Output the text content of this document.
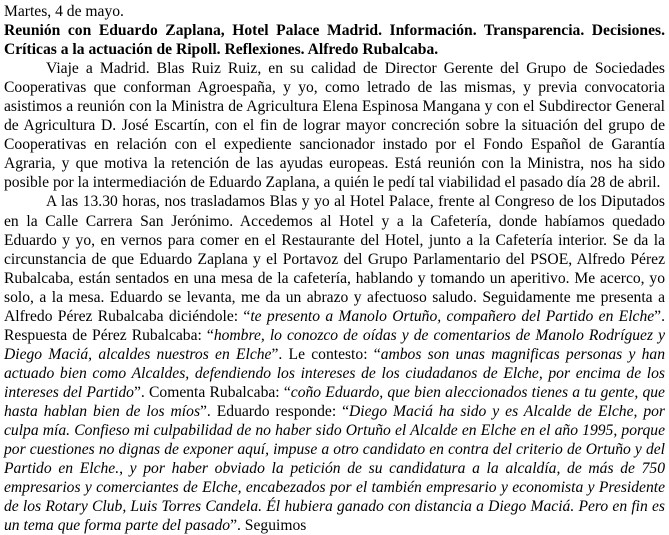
Martes, 4 de mayo.

Reunión con Eduardo Zaplana, Hotel Palace Madrid. Información. Transparencia. Decisiones. Críticas a la actuación de Ripoll. Reflexiones. Alfredo Rubalcaba.

Viaje a Madrid. Blas Ruiz Ruiz, en su calidad de Director Gerente del Grupo de Sociedades Cooperativas que conforman Agroespaña, y yo, como letrado de las mismas, y previa convocatoria asistimos a reunión con la Ministra de Agricultura Elena Espinosa Mangana y con el Subdirector General de Agricultura D. José Escartín, con el fin de lograr mayor concreción sobre la situación del grupo de Cooperativas en relación con el expediente sancionador instado por el Fondo Español de Garantía Agraria, y que motiva la retención de las ayudas europeas. Está reunión con la Ministra, nos ha sido posible por la intermediación de Eduardo Zaplana, a quién le pedí tal viabilidad el pasado día 28 de abril.

A las 13.30 horas, nos trasladamos Blas y yo al Hotel Palace, frente al Congreso de los Diputados en la Calle Carrera San Jerónimo. Accedemos al Hotel y a la Cafetería, donde habíamos quedado Eduardo y yo, en vernos para comer en el Restaurante del Hotel, junto a la Cafetería interior. Se da la circunstancia de que Eduardo Zaplana y el Portavoz del Grupo Parlamentario del PSOE, Alfredo Pérez Rubalcaba, están sentados en una mesa de la cafetería, hablando y tomando un aperitivo. Me acerco, yo solo, a la mesa. Eduardo se levanta, me da un abrazo y afectuoso saludo. Seguidamente me presenta a Alfredo Pérez Rubalcaba diciéndole: “te presento a Manolo Ortuño, compañero del Partido en Elche”. Respuesta de Pérez Rubalcaba: “hombre, lo conozco de oídas y de comentarios de Manolo Rodríguez y Diego Maciá, alcaldes nuestros en Elche”. Le contesto: “ambos son unas magnificas personas y han actuado bien como Alcaldes, defendiendo los intereses de los ciudadanos de Elche, por encima de los intereses del Partido”. Comenta Rubalcaba: “coño Eduardo, que bien aleccionados tienes a tu gente, que hasta hablan bien de los míos”. Eduardo responde: “Diego Maciá ha sido y es Alcalde de Elche, por culpa mía. Confieso mi culpabilidad de no haber sido Ortuño el Alcalde en Elche en el año 1995, porque por cuestiones no dignas de exponer aquí, impuse a otro candidato en contra del criterio de Ortuño y del Partido en Elche., y por haber obviado la petición de su candidatura a la alcaldía, de más de 750 empresarios y comerciantes de Elche, encabezados por el también empresario y economista y Presidente de los Rotary Club, Luis Torres Candela. Él hubiera ganado con distancia a Diego Maciá. Pero en fin es un tema que forma parte del pasado”. Seguimos
